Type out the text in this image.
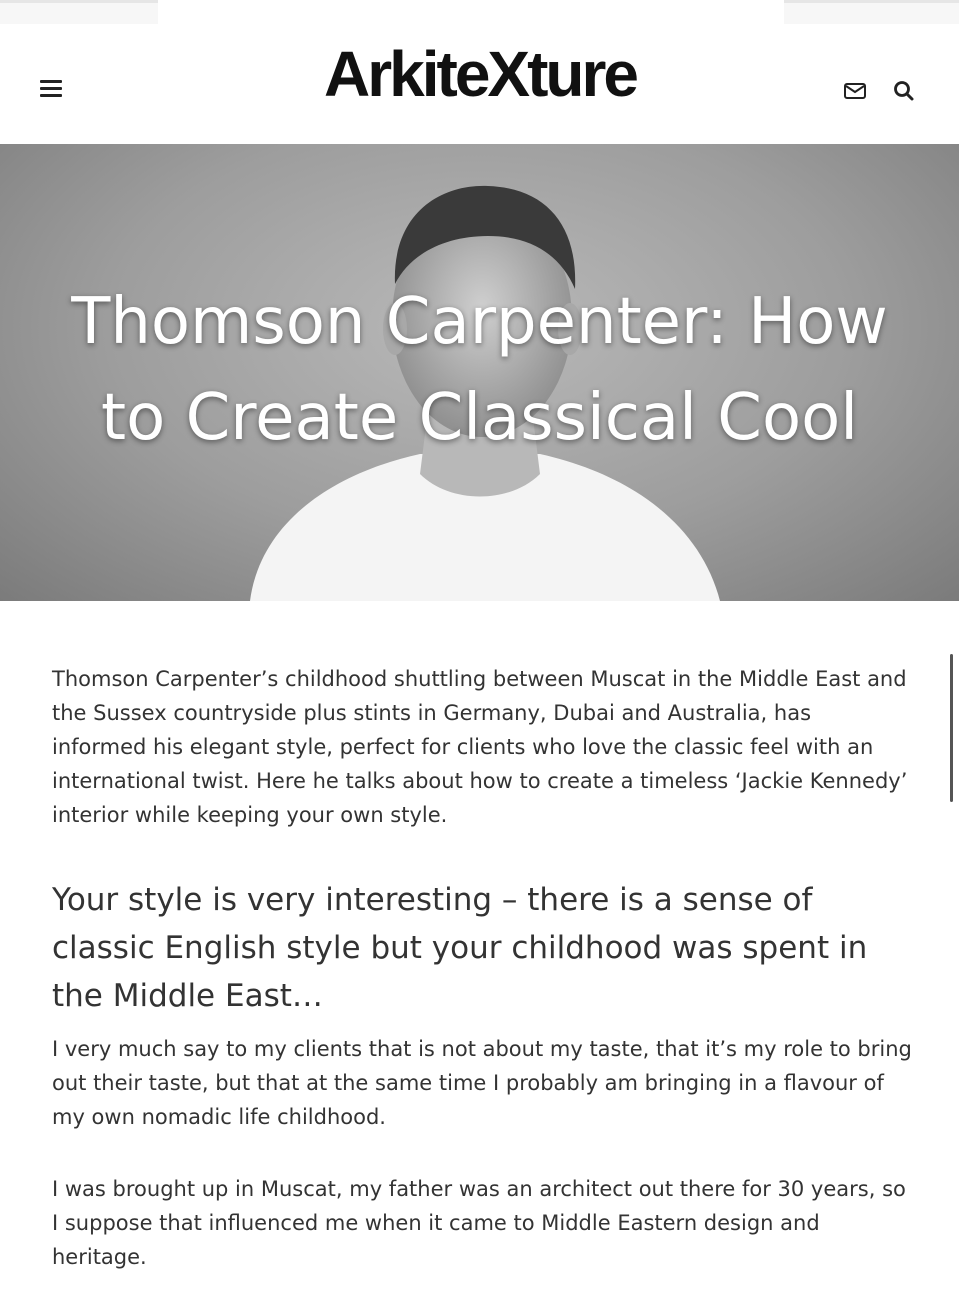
ArkiteXture
Thomson Carpenter: How to Create Classical Cool

Thomson Carpenter’s childhood shuttling between Muscat in the Middle East and the Sussex countryside plus stints in Germany, Dubai and Australia, has informed his elegant style, perfect for clients who love the classic feel with an international twist. Here he talks about how to create a timeless ‘Jackie Kennedy’ interior while keeping your own style.

Your style is very interesting – there is a sense of classic English style but your childhood was spent in the Middle East…

I very much say to my clients that is not about my taste, that it’s my role to bring out their taste, but that at the same time I probably am bringing in a flavour of my own nomadic life childhood.

I was brought up in Muscat, my father was an architect out there for 30 years, so I suppose that influenced me when it came to Middle Eastern design and heritage.
